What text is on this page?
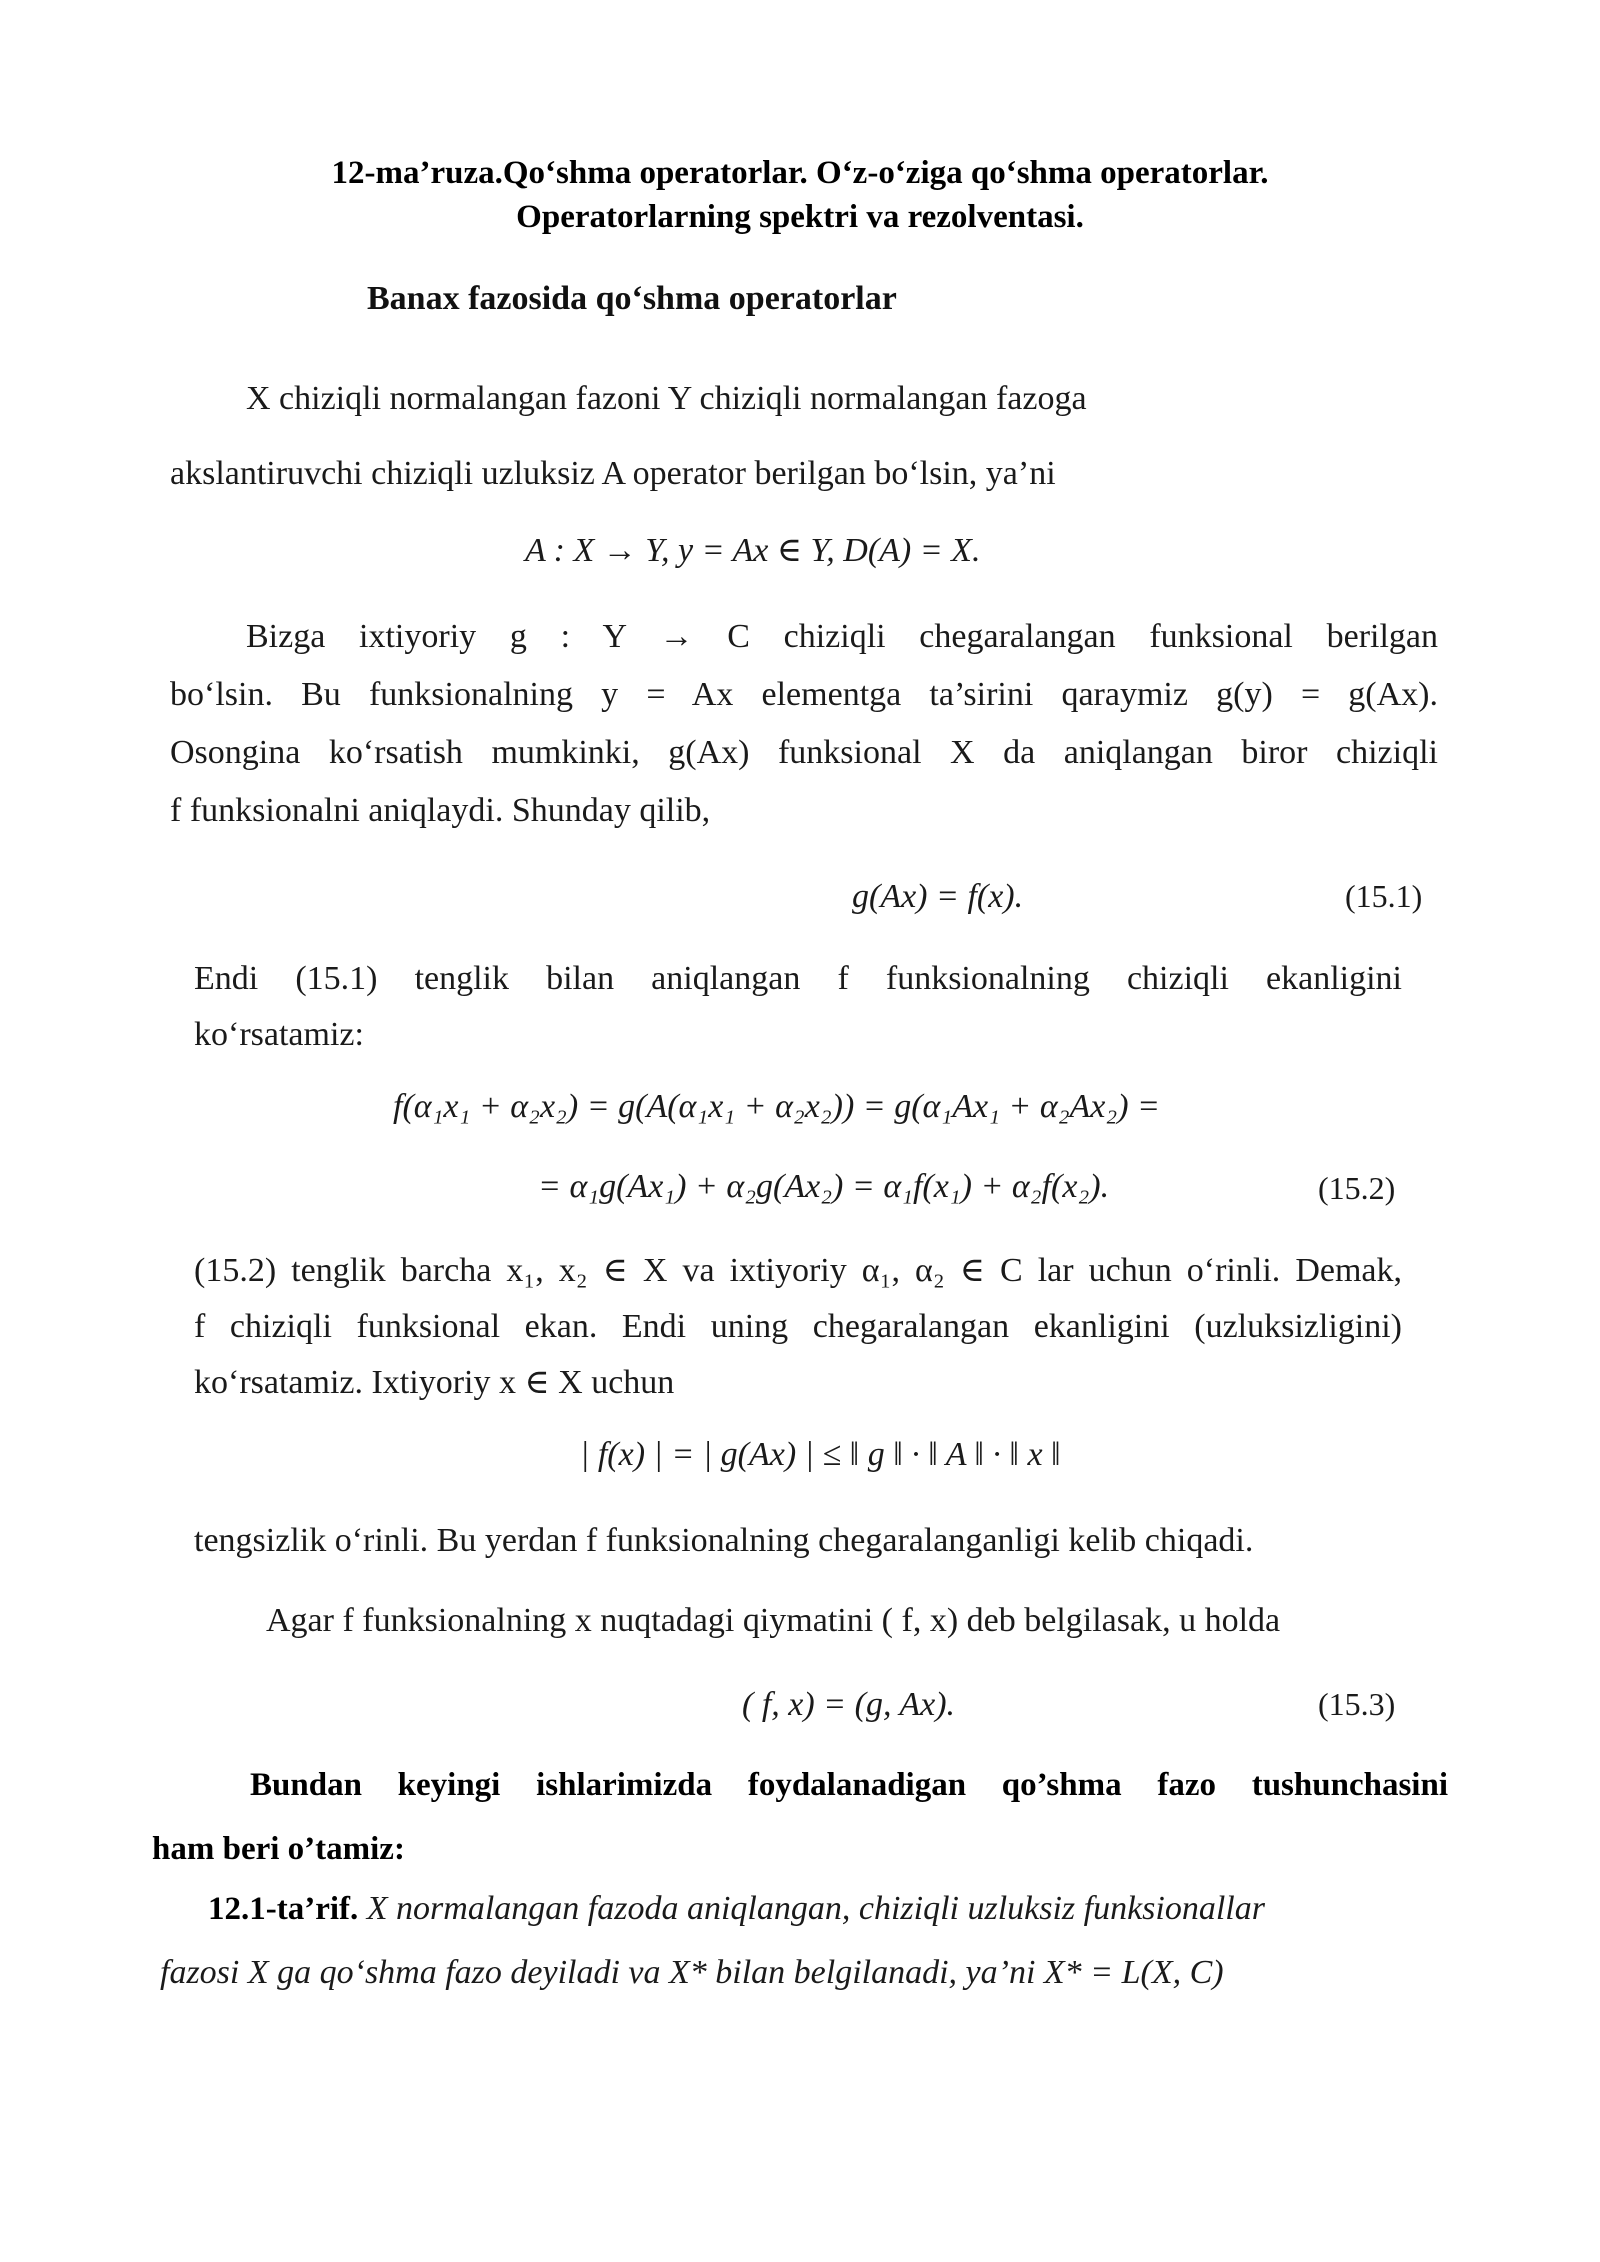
12-ma’ruza.Qo‘shma operatorlar. O‘z-o‘ziga qo‘shma operatorlar.
Operatorlarning spektri va rezolventasi.
Banax fazosida qo‘shma operatorlar
X chiziqli normalangan fazoni Y chiziqli normalangan fazoga
akslantiruvchi chiziqli uzluksiz A operator berilgan bo‘lsin, ya’ni
A : X → Y, y = Ax ∈ Y, D(A) = X.
Bizga ixtiyoriy g : Y → C chiziqli chegaralangan funksional berilgan
bo‘lsin. Bu funksionalning y = Ax elementga ta’sirini qaraymiz g(y) = g(Ax).
Osongina ko‘rsatish mumkinki, g(Ax) funksional X da aniqlangan biror chiziqli
f funksionalni aniqlaydi. Shunday qilib,
g(Ax) = f(x).	(15.1)
Endi (15.1) tenglik bilan aniqlangan f funksionalning chiziqli ekanligini
ko‘rsatamiz:
f(α₁x₁ + α₂x₂) = g(A(α₁x₁ + α₂x₂)) = g(α₁Ax₁ + α₂Ax₂) =
= α₁g(Ax₁) + α₂g(Ax₂) = α₁f(x₁) + α₂f(x₂).	(15.2)
(15.2) tenglik barcha x₁, x₂ ∈ X va ixtiyoriy α₁, α₂ ∈ C lar uchun o‘rinli. Demak,
f chiziqli funksional ekan. Endi uning chegaralangan ekanligini (uzluksizligini)
ko‘rsatamiz. Ixtiyoriy x ∈ X uchun
| f(x) | = | g(Ax) | ≤ ‖ g ‖ · ‖ A ‖ · ‖ x ‖
tengsizlik o‘rinli. Bu yerdan f funksionalning chegaralanganligi kelib chiqadi.
Agar f funksionalning x nuqtadagi qiymatini ( f, x) deb belgilasak, u holda
( f, x) = (g, Ax).	(15.3)
Bundan keyingi ishlarimizda foydalanadigan qo’shma fazo tushunchasini
ham beri o’tamiz:
12.1-ta’rif. X normalangan fazoda aniqlangan, chiziqli uzluksiz funksionallar
fazosi X ga qo‘shma fazo deyiladi va X* bilan belgilanadi, ya’ni X* = L(X, C)
